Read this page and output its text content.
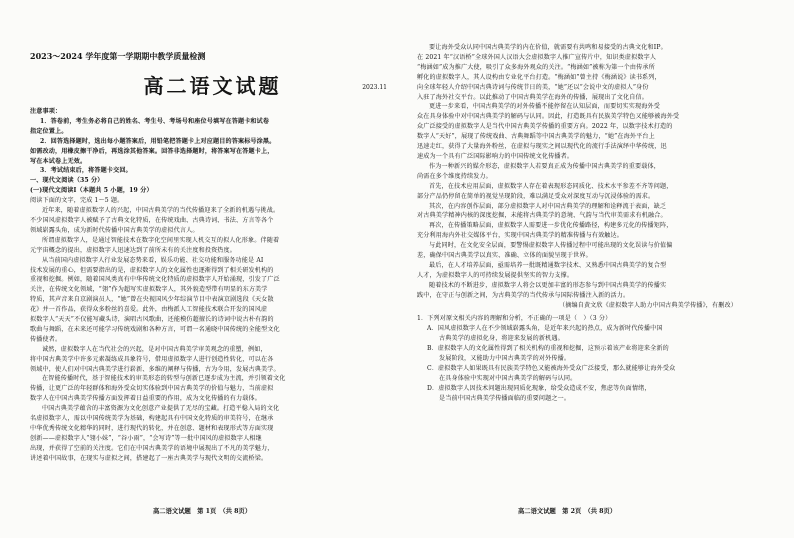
2023～2024 学年度第一学期期中教学质量检测
高二语文试题	2023.11

注意事项：

1．答卷前，考生务必将自己的姓名、考生号、考场号和座位号填写在答题卡和试卷

指定位置上。

2．回答选择题时，选出每小题答案后，用铅笔把答题卡上对应题目的答案标号涂黑。

如需改动，用橡皮擦干净后，再选涂其他答案。回答非选择题时，将答案写在答题卡上，

写在本试卷上无效。

3．考试结束后，将答题卡交回。

一、现代文阅读（35 分）

(一)现代文阅读Ⅰ（本题共 5 小题，19 分）

阅读下面的文字，完成 1～5 题。

近年来，随着虚拟数字人的兴起，中国古典美学的当代传播迎来了全新的机遇与挑战。

不少国风虚拟数字人被赋予了古典文化特质，在传统戏曲、古典诗词、书法、方言等各个

领域崭露头角，成为新时代传播中国古典美学的虚拟代言人。

所谓虚拟数字人，是通过智能技术在数字化空间里实现人机交互的拟人化形象。伴随着

元宇宙概念的提出，虚拟数字人迅速达到了前所未有的关注度和投资热度。

从当前国内虚拟数字人行业发展态势来看，娱乐功能、社交功能和服务功能是 AI

技术发展的重心，但需要指出的是，虚拟数字人的文化属性也逐渐得到了相关研发机构的

重视和挖掘。例如，随着国风类真有中华传统文化特质的虚拟数字人开始涌现，引发了广泛

关注，在传统文化领域，“翎”作为超写实虚拟数字人，其外貌造型带有明显的东方美学

特质，其声音来自京剧演员人，“她”曾在央视国风少年综演节目中表演京剧选段《天女散

花》并一首作品，获得众多粉丝的喜爱。此外，由梅派人工智能技术联合开发的国风虚

拟数字人“天天”不仅能写藏头诗，演唱古风歌曲，还能模仿超擅长的诗词中说古朴有韵的

歌曲与舞蹈，在未来还可能学习传统戏剧和各种方言，可谓一名通晓中国传统的全能型文化

传播使者。

诚然，虚拟数字人在当代社会的兴起，是对中国古典美学审美观念的重塑，例如，

将中国古典美学中许多元素凝练成具象符号，借用虚拟数字人进行创造性转化，可以在各

领域中，使人们对中国古典美学进行崭新、多维的阐释与传播，古为今用，发展古典美学。

在智能传播时代，基于智能技术的审美形态的转型与创新已逐步成为主流，并引领着文化

传播，让更广泛的年轻群体和海外受众切实体验到中国古典美学的价值与魅力，当前虚拟

数字人在中国古典美学传播方面发挥着日益重要的作用，成为文化传播的有力载体。

中国古典美学蕴含的丰富资源为文化创意产业提供了无尽的宝藏。打造平稳入局的文化

名虚拟数字人，需以中国传统美学为基础，构建起具有中国文化特质的审美符号，在继承

中华优秀传统文化精华的同时，进行现代的转化，并在创意、题材和表现形式等方面实现

创新——虚拟数字人“翎小妹”，“谷小雨”，“会写诗”等一批中国风的虚拟数字人相继

出现，并获得了空前的关注度。它们在中国古典美学的语境中展现出了不凡的美学魅力，

讲述着中国故事，在现实与虚拟之间，搭建起了一座古典美学与现代文明的交流桥梁。

高二语文试题　第 1页　（共 8页）

要让海外受众认同中国古典美学的内在价值，就需要有共鸣和易接受的古典文化和IP。

在 2021 年“汉语桥”全球外国人汉语大会虚拟数字人推广宣传片中，知识类虚拟数字人

“梅涵如”成为推广大使，吸引了众多海外观众的关注。“梅涵如”被称为第一个由传承所

孵化的虚拟数字人，其人设构由专业化平台打造。“梅涵如”曾主持《梅涵说》读书系列，

向全球年轻人介绍中国古典诗词与传统节日的美，“她”还以“会说中文的虚拟人”身份

入驻了海外社交平台。以此推动了中国古典美学在海外的传播，展现出了文化自信。

更进一步来看，中国古典美学的对外传播不能停留在认知层面，而要切实实现海外受

众在具身体验中对中国古典美学的解码与认同。因此，打造既具有民族美学特色又能够被海外受

众广泛接受的虚拟数字人是当代中国古典美学传播的重要方向。2022 年，以数字技术打造的

数字人“天好”，展现了传统戏曲、古典舞蹈等中国古典美学的魅力，“她”在海外平台上

迅速走红，获得了大量海外粉丝，在虚拟与现实之间以现代化的流行手法演绎中华传统，迅

速成为一个具有广泛国际影响力的中国传统文化传播者。

作为一种新兴的媒介形态，虚拟数字人若要真正成为传播中国古典美学的重要载体，

尚需在多个维度持续发力。

首先，在技术应用层面，虚拟数字人存在着表现形态同质化、技术水平参差不齐等问题，

部分产品仍停留在简单的视觉呈现阶段，难以满足受众对深度互动与沉浸体验的需求。

其次，在内容创作层面，部分虚拟数字人对中国古典美学的理解和诠释流于表面，缺乏

对古典美学精神内核的深度挖掘，未能将古典美学的意境、气韵与当代审美需求有机融合。

再次，在传播策略层面，虚拟数字人需要进一步优化传播路径，构建多元化的传播矩阵，

充分利用海内外社交媒体平台，实现中国古典美学的精准传播与有效触达。

与此同时，在文化安全层面，要警惕虚拟数字人传播过程中可能出现的文化误读与价值偏

差，确保中国古典美学以真实、准确、立体的面貌呈现于世界。

最后，在人才培养层面，亟需培养一批既精通数字技术、又熟悉中国古典美学的复合型

人才，为虚拟数字人的可持续发展提供坚实的智力支撑。

随着技术的不断进步，虚拟数字人将会以更加丰富的形态参与到中国古典美学的传播实

践中，在守正与创新之间，为古典美学的当代传承与国际传播注入新的活力。

（摘编自黄文欣《虚拟数字人助力中国古典美学传播》，有删改）

1．下列对原文相关内容的理解和分析，不正确的一项是（　）（3 分）

A．国风虚拟数字人在不少领域崭露头角，是近年来兴起的热点，成为新时代传播中国

古典美学的虚拟化身，将迎来发展的新机遇。

B．虚拟数字人的文化属性得到了相关机构的重视和挖掘，这预示着该产业将迎来全新的

发展阶段，又能助力中国古典美学的对外传播。

C．虚拟数字人如果既具有民族美学特色又能被海外受众广泛接受，那么就能够让海外受众

在具身体验中实现对中国古典美学的解码与认同。

D．虚拟数字人因技术问题出现同质化现象，给受众造成不安，焦虑等负面情绪，

是当前中国古典美学传播面临的重要问题之一。

高二语文试题　第 2页　（共 8页）
